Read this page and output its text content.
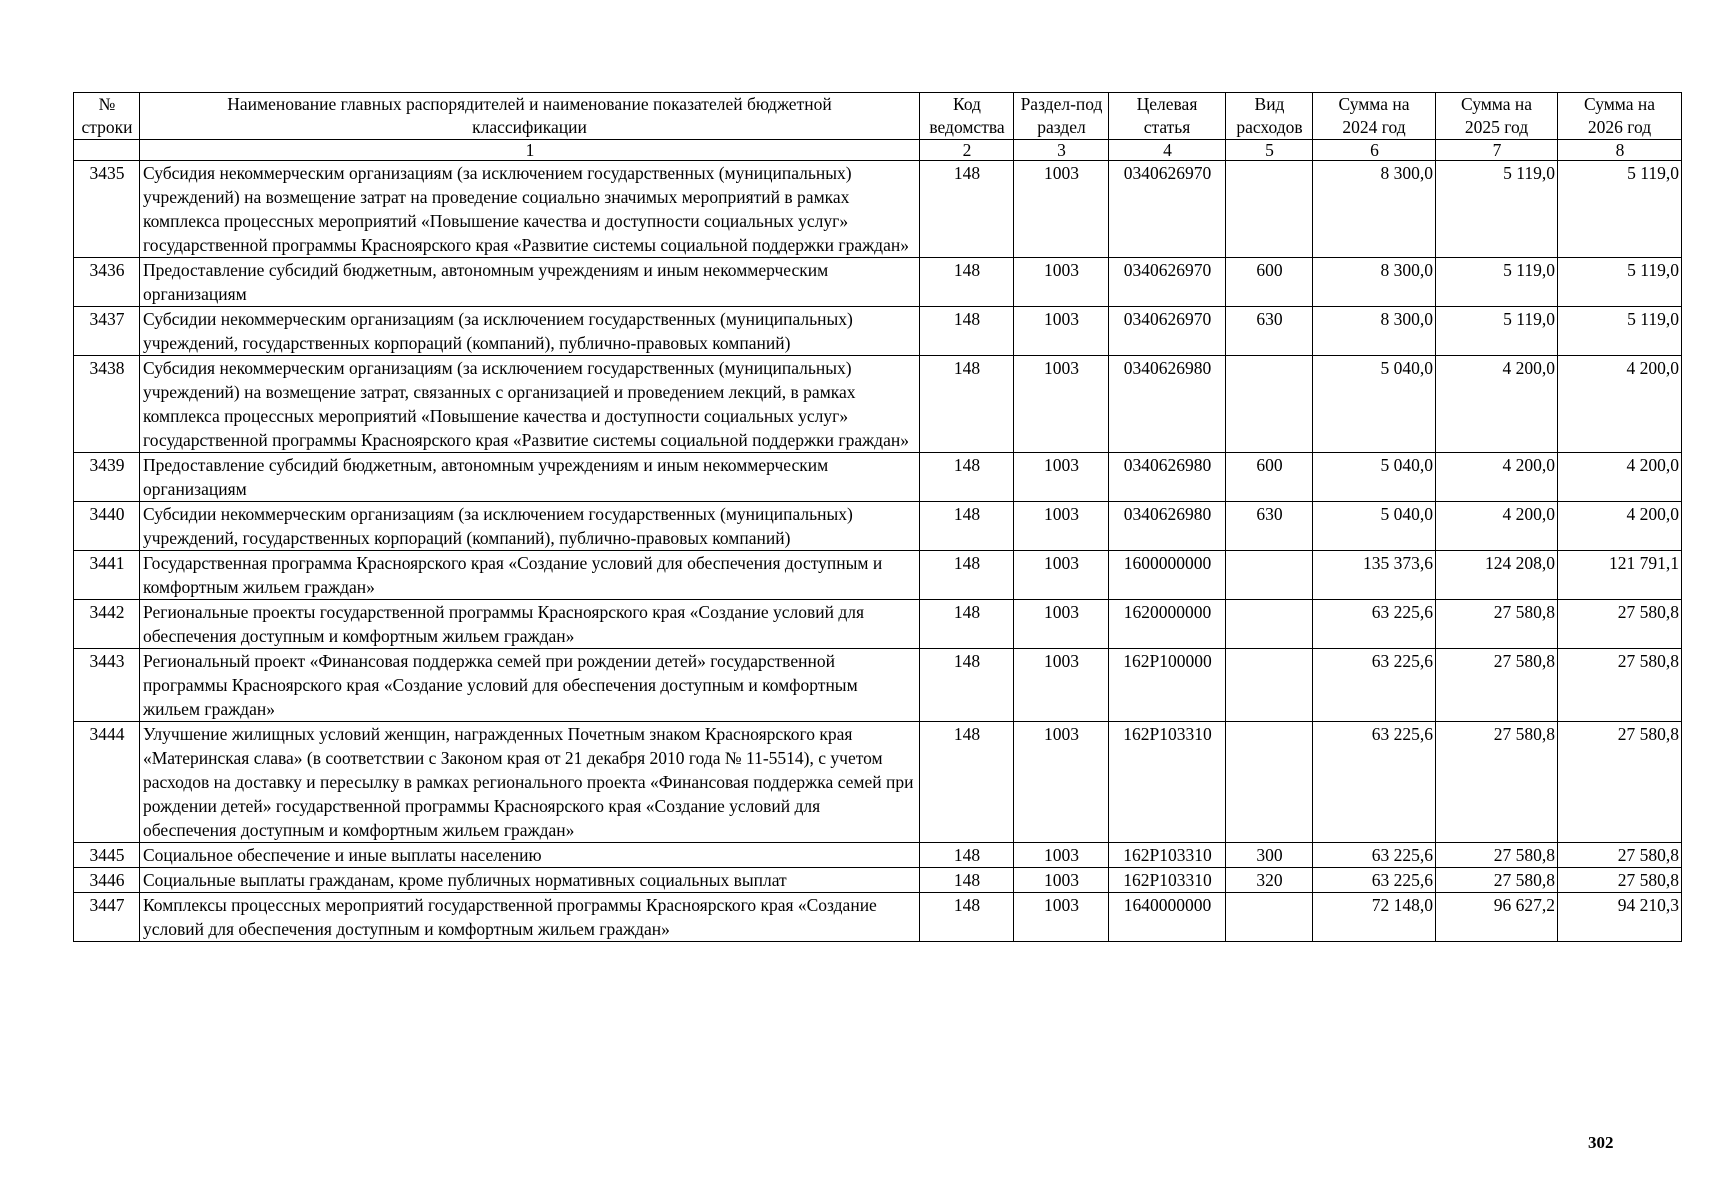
№ строки	Наименование главных распорядителей и наименование показателей бюджетной классификации	Код ведомства	Раздел-подраздел	Целевая статья	Вид расходов	Сумма на 2024 год	Сумма на 2025 год	Сумма на 2026 год
	1	2	3	4	5	6	7	8
3435	Субсидия некоммерческим организациям (за исключением государственных (муниципальных) учреждений) на возмещение затрат на проведение социально значимых мероприятий в рамках комплекса процессных мероприятий «Повышение качества и доступности социальных услуг» государственной программы Красноярского края «Развитие системы социальной поддержки граждан»	148	1003	0340626970		8 300,0	5 119,0	5 119,0
3436	Предоставление субсидий бюджетным, автономным учреждениям и иным некоммерческим организациям	148	1003	0340626970	600	8 300,0	5 119,0	5 119,0
3437	Субсидии некоммерческим организациям (за исключением государственных (муниципальных) учреждений, государственных корпораций (компаний), публично-правовых компаний)	148	1003	0340626970	630	8 300,0	5 119,0	5 119,0
3438	Субсидия некоммерческим организациям (за исключением государственных (муниципальных) учреждений) на возмещение затрат, связанных с организацией и проведением лекций, в рамках комплекса процессных мероприятий «Повышение качества и доступности социальных услуг» государственной программы Красноярского края «Развитие системы социальной поддержки граждан»	148	1003	0340626980		5 040,0	4 200,0	4 200,0
3439	Предоставление субсидий бюджетным, автономным учреждениям и иным некоммерческим организациям	148	1003	0340626980	600	5 040,0	4 200,0	4 200,0
3440	Субсидии некоммерческим организациям (за исключением государственных (муниципальных) учреждений, государственных корпораций (компаний), публично-правовых компаний)	148	1003	0340626980	630	5 040,0	4 200,0	4 200,0
3441	Государственная программа Красноярского края «Создание условий для обеспечения доступным и комфортным жильем граждан»	148	1003	1600000000		135 373,6	124 208,0	121 791,1
3442	Региональные проекты государственной программы Красноярского края «Создание условий для обеспечения доступным и комфортным жильем граждан»	148	1003	1620000000		63 225,6	27 580,8	27 580,8
3443	Региональный проект «Финансовая поддержка семей при рождении детей» государственной программы Красноярского края «Создание условий для обеспечения доступным и комфортным жильем граждан»	148	1003	162P100000		63 225,6	27 580,8	27 580,8
3444	Улучшение жилищных условий женщин, награжденных Почетным знаком Красноярского края «Материнская слава» (в соответствии с Законом края от 21 декабря 2010 года № 11-5514), с учетом расходов на доставку и пересылку в рамках регионального проекта «Финансовая поддержка семей при рождении детей» государственной программы Красноярского края «Создание условий для обеспечения доступным и комфортным жильем граждан»	148	1003	162P103310		63 225,6	27 580,8	27 580,8
3445	Социальное обеспечение и иные выплаты населению	148	1003	162P103310	300	63 225,6	27 580,8	27 580,8
3446	Социальные выплаты гражданам, кроме публичных нормативных социальных выплат	148	1003	162P103310	320	63 225,6	27 580,8	27 580,8
3447	Комплексы процессных мероприятий государственной программы Красноярского края «Создание условий для обеспечения доступным и комфортным жильем граждан»	148	1003	1640000000		72 148,0	96 627,2	94 210,3
302
